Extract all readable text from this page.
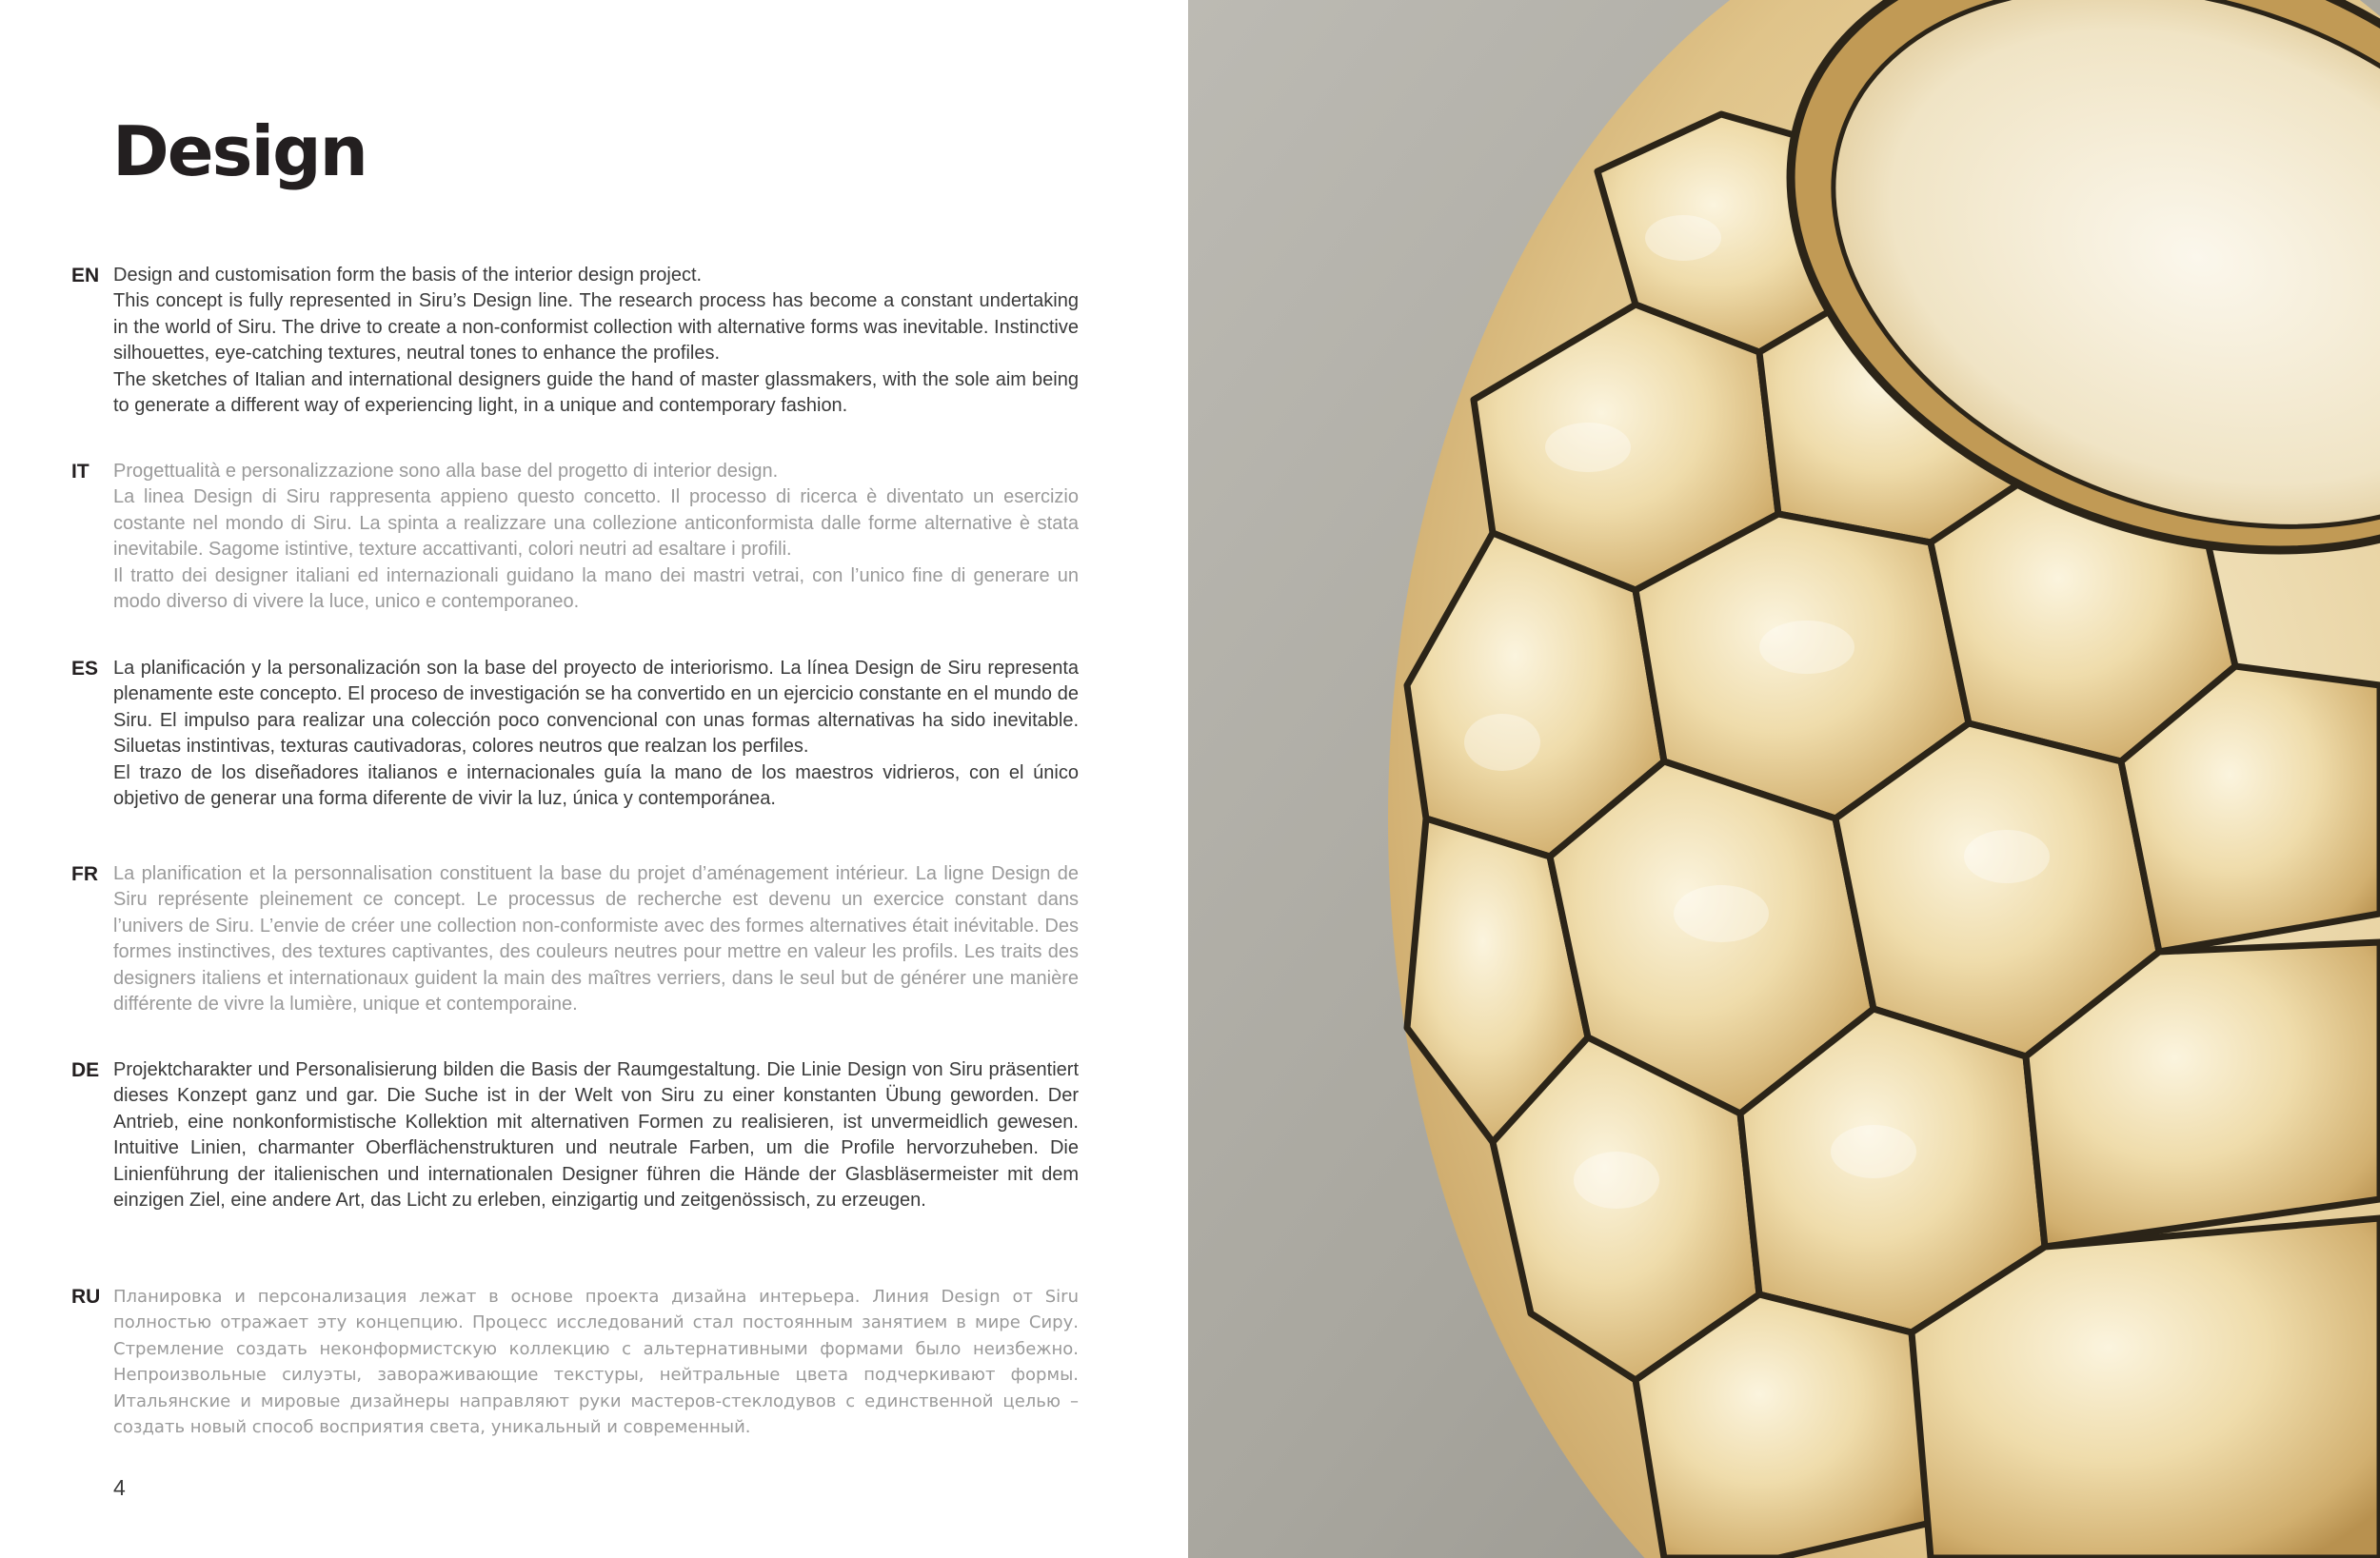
Design
EN Design and customisation form the basis of the interior design project.

This concept is fully represented in Siru’s Design line. The research process has become a constant undertaking in the world of Siru. The drive to create a non-conformist collection with alternative forms was inevitable. Instinctive silhouettes, eye-catching textures, neutral tones to enhance the profiles.

The sketches of Italian and international designers guide the hand of master glassmakers, with the sole aim being to generate a different way of experiencing light, in a unique and contemporary fashion.

IT Progettualità e personalizzazione sono alla base del progetto di interior design.

La linea Design di Siru rappresenta appieno questo concetto. Il processo di ricerca è diventato un esercizio costante nel mondo di Siru. La spinta a realizzare una collezione anticonformista dalle forme alternative è stata inevitabile. Sagome istintive, texture accattivanti, colori neutri ad esaltare i profili.

Il tratto dei designer italiani ed internazionali guidano la mano dei mastri vetrai, con l’unico fine di generare un modo diverso di vivere la luce, unico e contemporaneo.

ES La planificación y la personalización son la base del proyecto de interiorismo. La línea Design de Siru representa plenamente este concepto. El proceso de investigación se ha convertido en un ejercicio constante en el mundo de Siru. El impulso para realizar una colección poco convencional con unas formas alternativas ha sido inevitable. Siluetas instintivas, texturas cautivadoras, colores neutros que realzan los perfiles.

El trazo de los diseñadores italianos e internacionales guía la mano de los maestros vidrieros, con el único objetivo de generar una forma diferente de vivir la luz, única y contemporánea.

FR La planification et la personnalisation constituent la base du projet d’aménagement intérieur. La ligne Design de Siru représente pleinement ce concept. Le processus de recherche est devenu un exercice constant dans l’univers de Siru. L’envie de créer une collection non-conformiste avec des formes alternatives était inévitable. Des formes instinctives, des textures captivantes, des couleurs neutres pour mettre en valeur les profils. Les traits des designers italiens et internationaux guident la main des maîtres verriers, dans le seul but de générer une manière différente de vivre la lumière, unique et contemporaine.

DE Projektcharakter und Personalisierung bilden die Basis der Raumgestaltung. Die Linie Design von Siru präsentiert dieses Konzept ganz und gar. Die Suche ist in der Welt von Siru zu einer konstanten Übung geworden. Der Antrieb, eine nonkonformistische Kollektion mit alternativen Formen zu realisieren, ist unvermeidlich gewesen. Intuitive Linien, charmanter Oberflächenstrukturen und neutrale Farben, um die Profile hervorzuheben. Die Linienführung der italienischen und internationalen Designer führen die Hände der Glasbläsermeister mit dem einzigen Ziel, eine andere Art, das Licht zu erleben, einzigartig und zeitgenössisch, zu erzeugen.

RU Планировка и персонализация лежат в основе проекта дизайна интерьера. Линия Design от Siru полностью отражает эту концепцию. Процесс исследований стал постоянным занятием в мире Сиру. Стремление создать неконформистскую коллекцию с альтернативными формами было неизбежно. Непроизвольные силуэты, завораживающие текстуры, нейтральные цвета подчеркивают формы. Итальянские и мировые дизайнеры направляют руки мастеров-стеклодувов с единственной целью – создать новый способ восприятия света, уникальный и современный.

4
